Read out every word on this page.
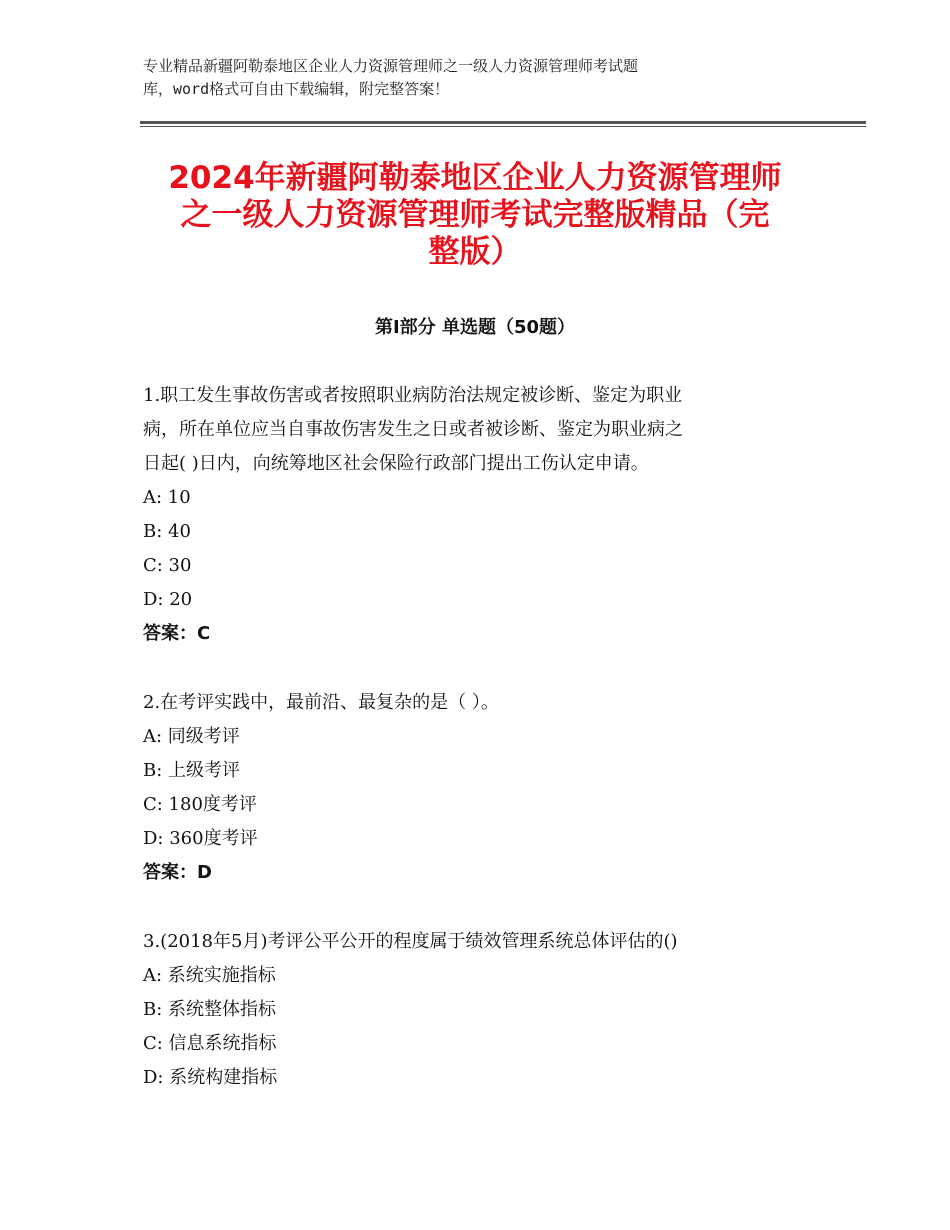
专业精品新疆阿勒泰地区企业人力资源管理师之一级人力资源管理师考试题
库，word格式可自由下载编辑，附完整答案！
2024年新疆阿勒泰地区企业人力资源管理师
之一级人力资源管理师考试完整版精品（完
整版）
第Ⅰ部分 单选题（50题）
1.职工发生事故伤害或者按照职业病防治法规定被诊断、鉴定为职业
病，所在单位应当自事故伤害发生之日或者被诊断、鉴定为职业病之
日起( )日内，向统筹地区社会保险行政部门提出工伤认定申请。
A: 10
B: 40
C: 30
D: 20
答案：C
2.在考评实践中，最前沿、最复杂的是（ ）。
A: 同级考评
B: 上级考评
C: 180度考评
D: 360度考评
答案：D
3.(2018年5月)考评公平公开的程度属于绩效管理系统总体评估的()
A: 系统实施指标
B: 系统整体指标
C: 信息系统指标
D: 系统构建指标
